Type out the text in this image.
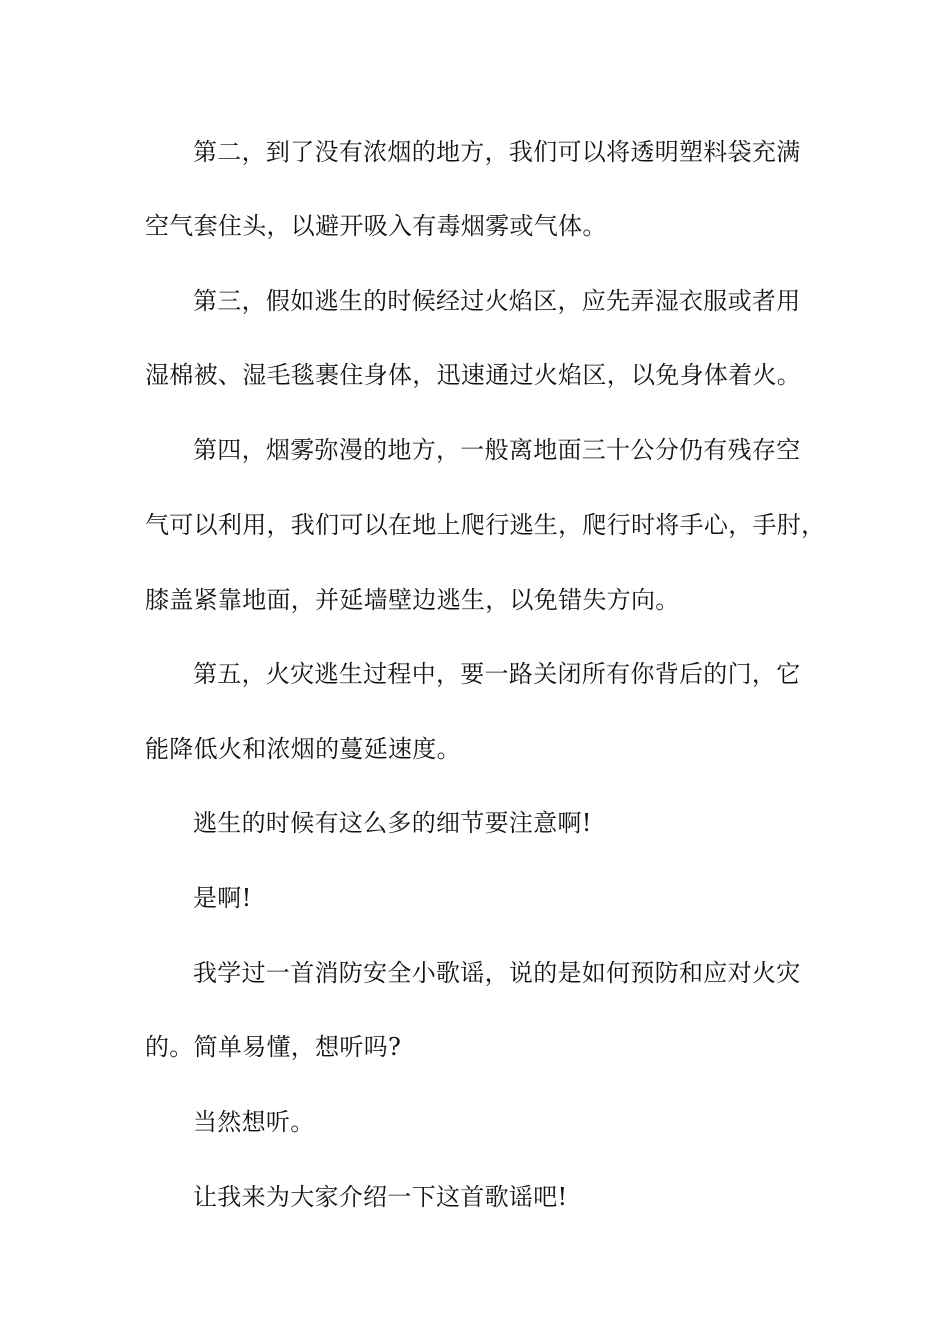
第二，到了没有浓烟的地方，我们可以将透明塑料袋充满
空气套住头，以避开吸入有毒烟雾或气体。
第三，假如逃生的时候经过火焰区，应先弄湿衣服或者用
湿棉被、湿毛毯裹住身体，迅速通过火焰区，以免身体着火。
第四，烟雾弥漫的地方，一般离地面三十公分仍有残存空
气可以利用，我们可以在地上爬行逃生，爬行时将手心，手肘，
膝盖紧靠地面，并延墙壁边逃生，以免错失方向。
第五，火灾逃生过程中，要一路关闭所有你背后的门，它
能降低火和浓烟的蔓延速度。
逃生的时候有这么多的细节要注意啊!
是啊!
我学过一首消防安全小歌谣，说的是如何预防和应对火灾
的。简单易懂，想听吗?
当然想听。
让我来为大家介绍一下这首歌谣吧!
